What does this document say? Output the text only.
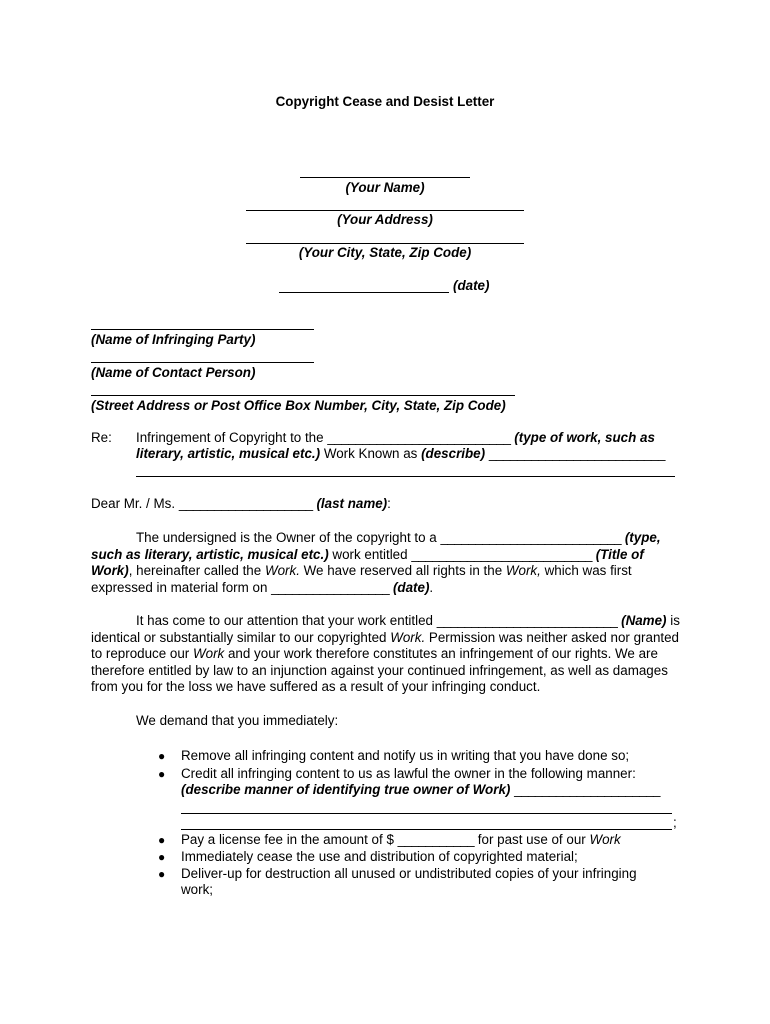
Copyright Cease and Desist Letter
(Your Name)
(Your Address)
(Your City, State, Zip Code)
(date)
(Name of Infringing Party)
(Name of Contact Person)
(Street Address or Post Office Box Number, City, State, Zip Code)
Re: Infringement of Copyright to the __________________________ (type of work, such as
literary, artistic, musical etc.) Work Known as (describe) _________________________
Dear Mr. / Ms. ___________________ (last name):
The undersigned is the Owner of the copyright to a __________________________ (type, such as literary, artistic, musical etc.) work entitled __________________________ (Title of Work), hereinafter called the Work. We have reserved all rights in the Work, which was first expressed in material form on _________________ (date).
It has come to our attention that your work entitled __________________________ (Name) is identical or substantially similar to our copyrighted Work. Permission was neither asked nor granted to reproduce our Work and your work therefore constitutes an infringement of our rights. We are therefore entitled by law to an injunction against your continued infringement, as well as damages from you for the loss we have suffered as a result of your infringing conduct.
We demand that you immediately:
● Remove all infringing content and notify us in writing that you have done so;
● Credit all infringing content to us as lawful the owner in the following manner:
(describe manner of identifying true owner of Work) _____________________
;
● Pay a license fee in the amount of $ ___________ for past use of our Work
● Immediately cease the use and distribution of copyrighted material;
● Deliver-up for destruction all unused or undistributed copies of your infringing
work;
